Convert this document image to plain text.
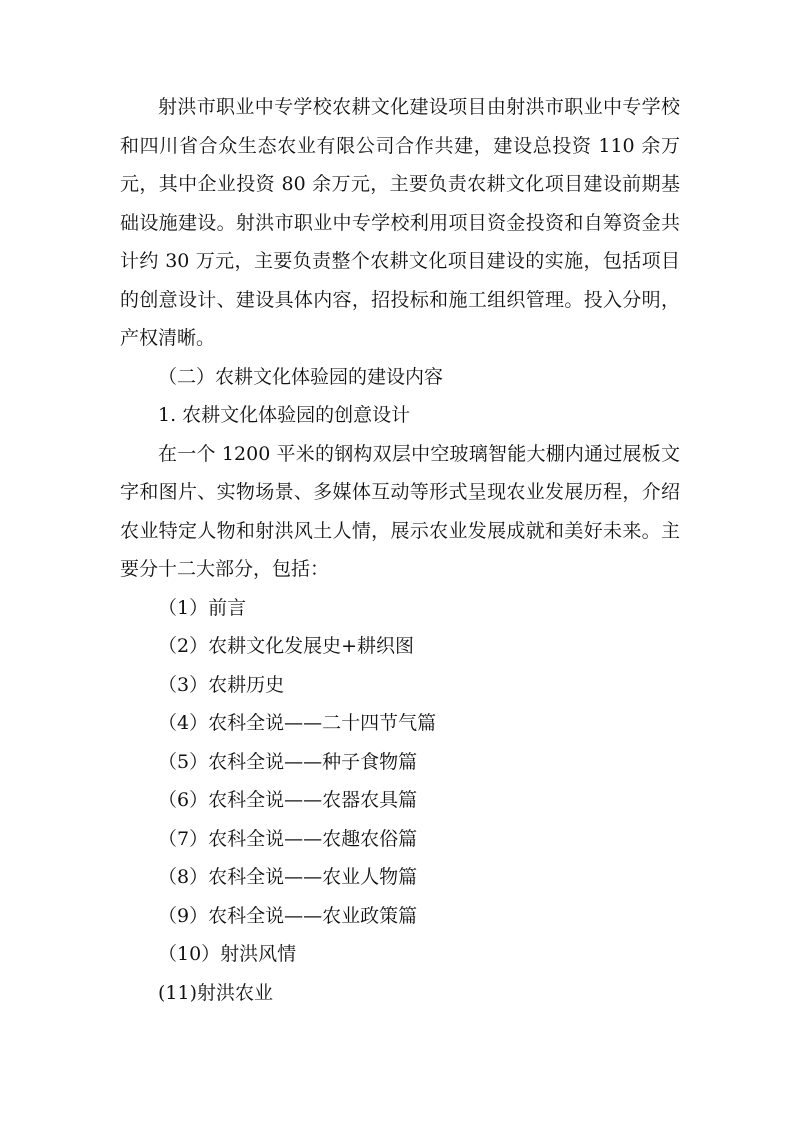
射洪市职业中专学校农耕文化建设项目由射洪市职业中专学校和四川省合众生态农业有限公司合作共建，建设总投资 110 余万元，其中企业投资 80 余万元，主要负责农耕文化项目建设前期基础设施建设。射洪市职业中专学校利用项目资金投资和自筹资金共计约 30 万元，主要负责整个农耕文化项目建设的实施，包括项目的创意设计、建设具体内容，招投标和施工组织管理。投入分明，产权清晰。

（二）农耕文化体验园的建设内容

1. 农耕文化体验园的创意设计

在一个 1200 平米的钢构双层中空玻璃智能大棚内通过展板文字和图片、实物场景、多媒体互动等形式呈现农业发展历程，介绍农业特定人物和射洪风土人情，展示农业发展成就和美好未来。主要分十二大部分，包括：

（1）前言

（2）农耕文化发展史+耕织图

（3）农耕历史

（4）农科全说——二十四节气篇

（5）农科全说——种子食物篇

（6）农科全说——农器农具篇

（7）农科全说——农趣农俗篇

（8）农科全说——农业人物篇

（9）农科全说——农业政策篇

（10）射洪风情

(11)射洪农业
